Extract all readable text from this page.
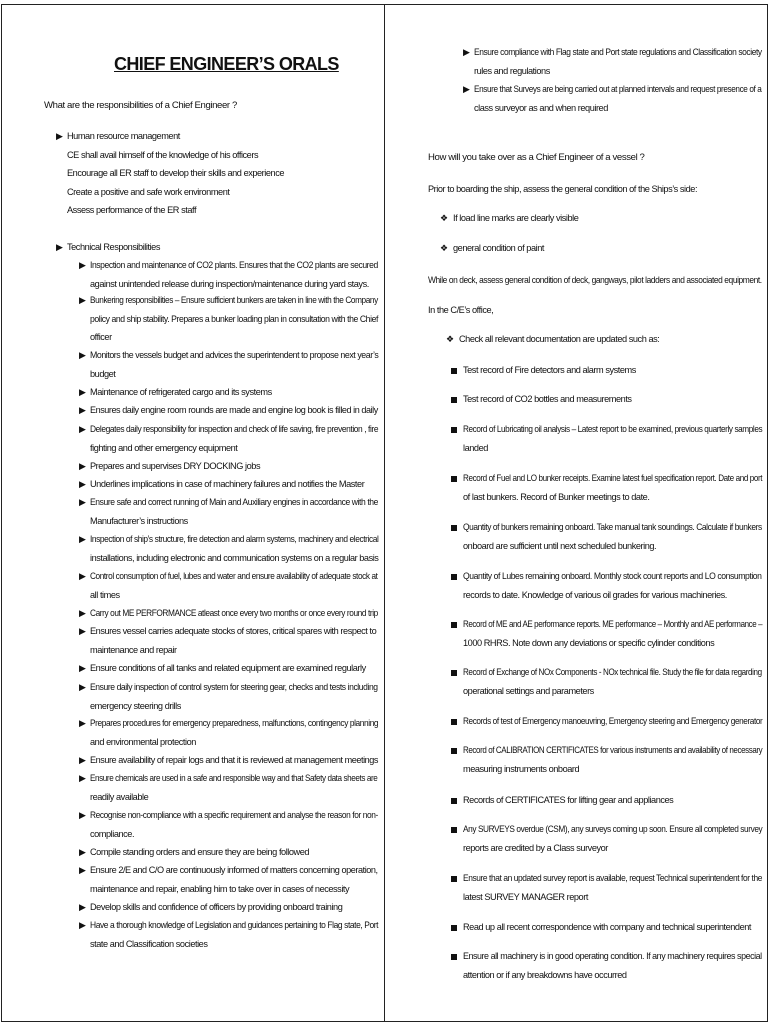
CHIEF ENGINEER’S ORALS
What are the responsibilities of a Chief Engineer ?
▶ Human resource management
CE shall avail himself of the knowledge of his officers
Encourage all ER staff to develop their skills and experience
Create a positive and safe work environment
Assess performance of the ER staff
▶ Technical Responsibilities
▶ Inspection and maintenance of CO2 plants. Ensures that the CO2 plants are secured
against unintended release during inspection/maintenance during yard stays.
▶ Bunkering responsibilities – Ensure sufficient bunkers are taken in line with the Company
policy and ship stability. Prepares a bunker loading plan in consultation with the Chief
officer
▶ Monitors the vessels budget and advices the superintendent to propose next year’s
budget
▶ Maintenance of refrigerated cargo and its systems
▶ Ensures daily engine room rounds are made and engine log book is filled in daily
▶ Delegates daily responsibility for inspection and check of life saving, fire prevention , fire
fighting and other emergency equipment
▶ Prepares and supervises DRY DOCKING jobs
▶ Underlines implications in case of machinery failures and notifies the Master
▶ Ensure safe and correct running of Main and Auxiliary engines in accordance with the
Manufacturer’s instructions
▶ Inspection of ship’s structure, fire detection and alarm systems, machinery and electrical
installations, including electronic and communication systems on a regular basis
▶ Control consumption of fuel, lubes and water and ensure availability of adequate stock at
all times
▶ Carry out ME PERFORMANCE atleast once every two months or once every round trip
▶ Ensures vessel carries adequate stocks of stores, critical spares with respect to
maintenance and repair
▶ Ensure conditions of all tanks and related equipment are examined regularly
▶ Ensure daily inspection of control system for steering gear, checks and tests including
emergency steering drills
▶ Prepares procedures for emergency preparedness, malfunctions, contingency planning
and environmental protection
▶ Ensure availability of repair logs and that it is reviewed at management meetings
▶ Ensure chemicals are used in a safe and responsible way and that Safety data sheets are
readily available
▶ Recognise non-compliance with a specific requirement and analyse the reason for non-
compliance.
▶ Compile standing orders and ensure they are being followed
▶ Ensure 2/E and C/O are continuously informed of matters concerning operation,
maintenance and repair, enabling him to take over in cases of necessity
▶ Develop skills and confidence of officers by providing onboard training
▶ Have a thorough knowledge of Legislation and guidances pertaining to Flag state, Port
state and Classification societies
▶ Ensure compliance with Flag state and Port state regulations and Classification society
rules and regulations
▶ Ensure that Surveys are being carried out at planned intervals and request presence of a
class surveyor as and when required
How will you take over as a Chief Engineer of a vessel ?
Prior to boarding the ship, assess the general condition of the Ships’s side:
❖ If load line marks are clearly visible
❖ general condition of paint
While on deck, assess general condition of deck, gangways, pilot ladders and associated equipment.
In the C/E’s office,
❖ Check all relevant documentation are updated such as:
Test record of Fire detectors and alarm systems
Test record of CO2 bottles and measurements
Record of Lubricating oil analysis – Latest report to be examined, previous quarterly samples
landed
Record of Fuel and LO bunker receipts. Examine latest fuel specification report. Date and port
of last bunkers. Record of Bunker meetings to date.
Quantity of bunkers remaining onboard. Take manual tank soundings. Calculate if bunkers
onboard are sufficient until next scheduled bunkering.
Quantity of Lubes remaining onboard. Monthly stock count reports and LO consumption
records to date. Knowledge of various oil grades for various machineries.
Record of ME and AE performance reports. ME performance – Monthly and AE performance –
1000 RHRS. Note down any deviations or specific cylinder conditions
Record of Exchange of NOx Components - NOx technical file. Study the file for data regarding
operational settings and parameters
Records of test of Emergency manoeuvring, Emergency steering and Emergency generator
Record of CALIBRATION CERTIFICATES for various instruments and availability of necessary
measuring instruments onboard
Records of CERTIFICATES for lifting gear and appliances
Any SURVEYS overdue (CSM), any surveys coming up soon. Ensure all completed survey
reports are credited by a Class surveyor
Ensure that an updated survey report is available, request Technical superintendent for the
latest SURVEY MANAGER report
Read up all recent correspondence with company and technical superintendent
Ensure all machinery is in good operating condition. If any machinery requires special
attention or if any breakdowns have occurred
